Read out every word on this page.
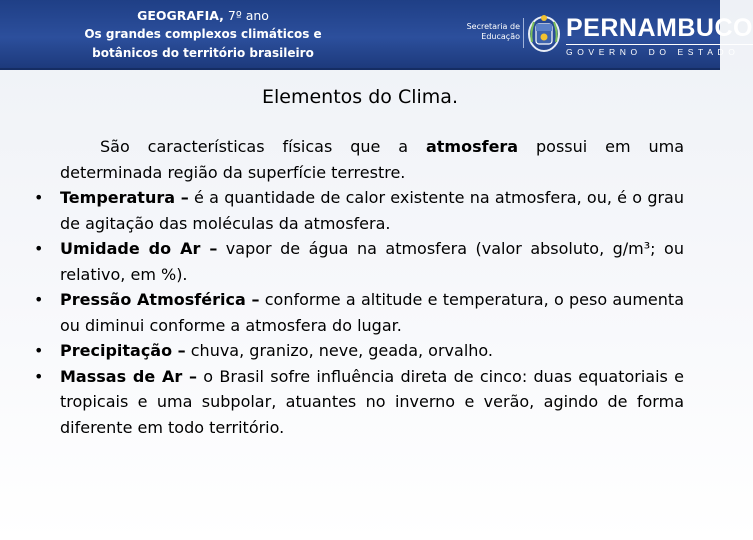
GEOGRAFIA, 7º ano
Os grandes complexos climáticos e
botânicos do território brasileiro
Secretaria de
Educação PERNAMBUCO
GOVERNO DO ESTADO
Elementos do Clima.
São características físicas que a atmosfera possui em uma determinada região da superfície terrestre.
• Temperatura – é a quantidade de calor existente na atmosfera, ou, é o grau de agitação das moléculas da atmosfera.
• Umidade do Ar – vapor de água na atmosfera (valor absoluto, g/m³; ou relativo, em %).
• Pressão Atmosférica – conforme a altitude e temperatura, o peso aumenta ou diminui conforme a atmosfera do lugar.
• Precipitação – chuva, granizo, neve, geada, orvalho.
• Massas de Ar – o Brasil sofre influência direta de cinco: duas equatoriais e tropicais e uma subpolar, atuantes no inverno e verão, agindo de forma diferente em todo território.
